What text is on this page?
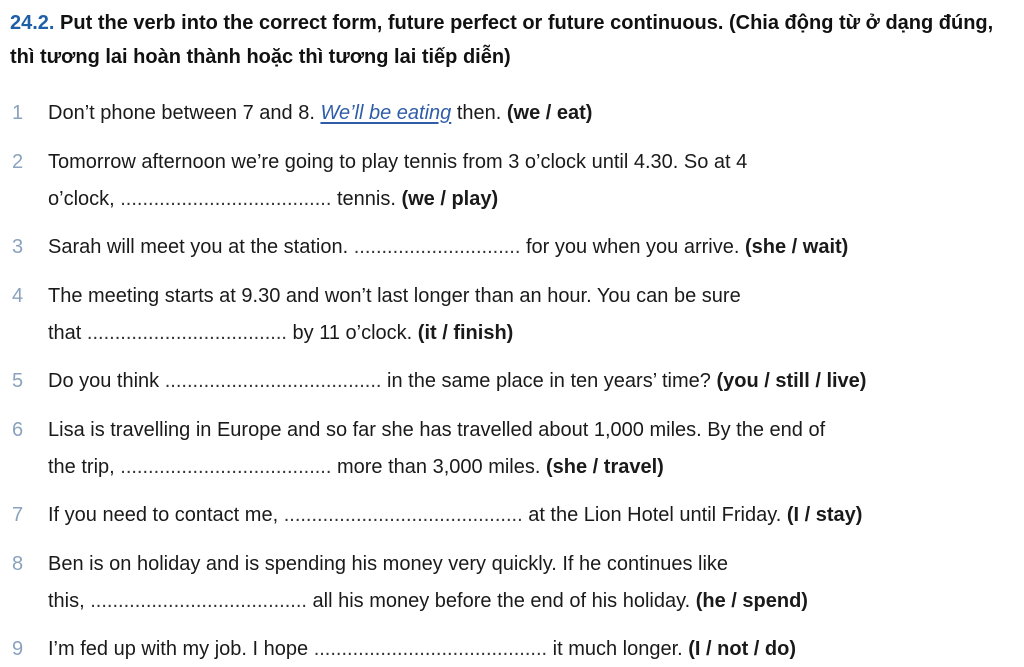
24.2. Put the verb into the correct form, future perfect or future continuous. (Chia động từ ở dạng đúng, thì tương lai hoàn thành hoặc thì tương lai tiếp diễn)
1	Don’t phone between 7 and 8. We’ll be eating then. (we / eat)
2	Tomorrow afternoon we’re going to play tennis from 3 o’clock until 4.30. So at 4
o’clock, ...................................... tennis. (we / play)
3	Sarah will meet you at the station. .............................. for you when you arrive. (she / wait)
4	The meeting starts at 9.30 and won’t last longer than an hour. You can be sure
that .................................... by 11 o’clock. (it / finish)
5	Do you think ....................................... in the same place in ten years’ time? (you / still / live)
6	Lisa is travelling in Europe and so far she has travelled about 1,000 miles. By the end of
the trip, ...................................... more than 3,000 miles. (she / travel)
7	If you need to contact me, ........................................... at the Lion Hotel until Friday. (I / stay)
8	Ben is on holiday and is spending his money very quickly. If he continues like
this, ....................................... all his money before the end of his holiday. (he / spend)
9	I’m fed up with my job. I hope .......................................... it much longer. (I / not / do)
